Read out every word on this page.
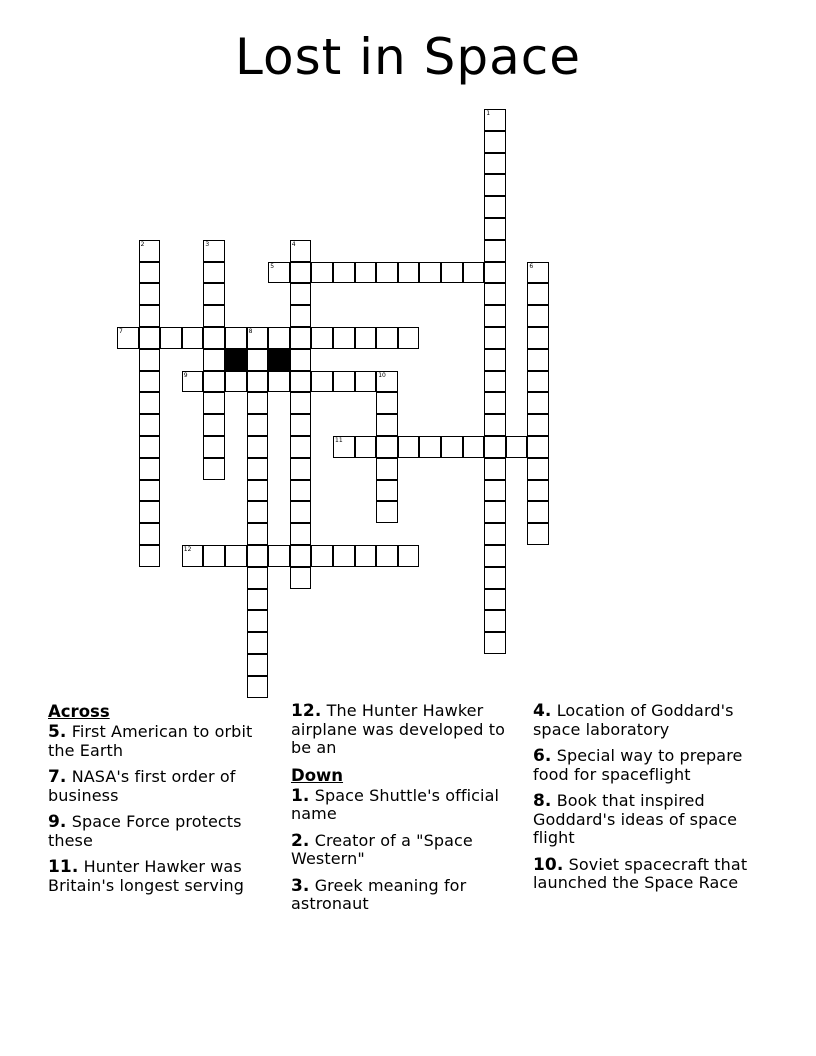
Lost in Space
1
2	3	4
5	6
7	8
9	10
11
12
Across
5. First American to orbit the Earth
7. NASA's first order of business
9. Space Force protects these
11. Hunter Hawker was Britain's longest serving
12. The Hunter Hawker airplane was developed to be an
Down
1. Space Shuttle's official name
2. Creator of a "Space Western"
3. Greek meaning for astronaut
4. Location of Goddard's space laboratory
6. Special way to prepare food for spaceflight
8. Book that inspired Goddard's ideas of space flight
10. Soviet spacecraft that launched the Space Race
